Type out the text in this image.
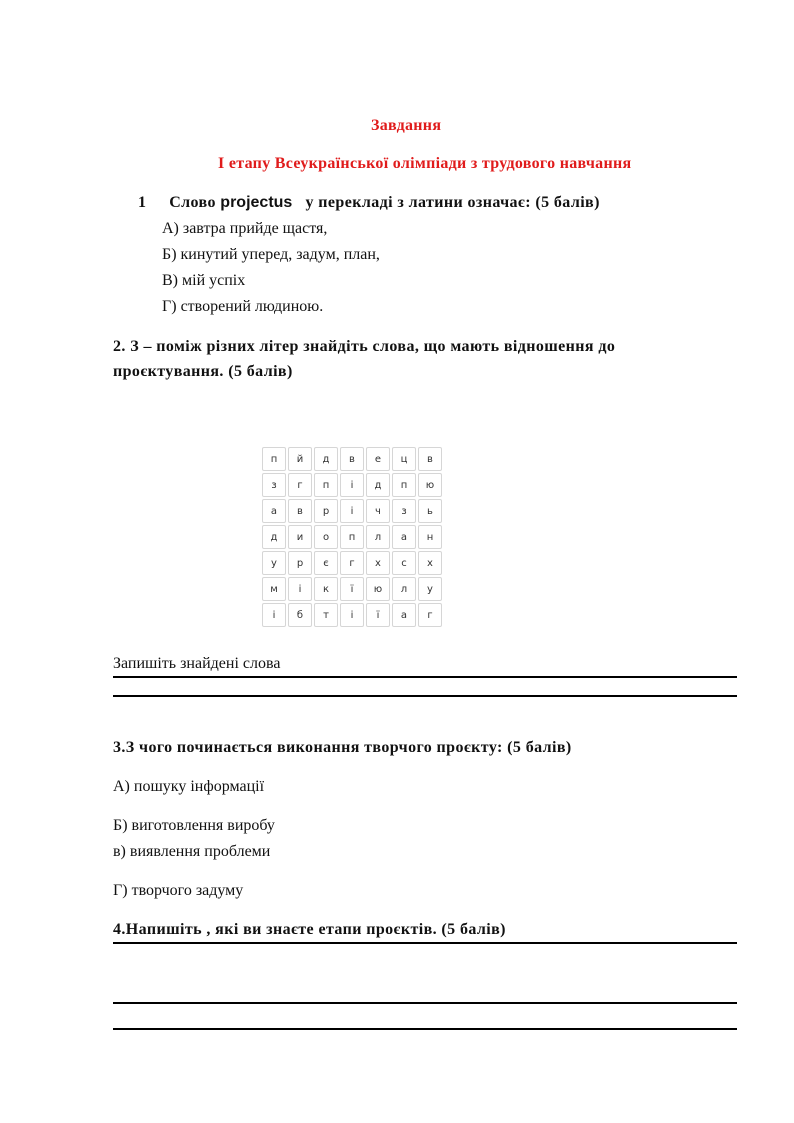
Завдання
I етапу Всеукраїнської олімпіади з трудового навчання
1 Слово projectus   у перекладі з латини означає: (5 балів)
А) завтра прийде щастя,
Б) кинутий уперед, задум, план,
В) мій успіх
Г) створений людиною.
2. З – поміж різних літер знайдіть слова, що мають відношення до
проєктування. (5 балів)
п	й	д	в	е	ц	в
з	г	п	і	д	п	ю
а	в	р	і	ч	з	ь
д	и	о	п	л	а	н
у	р	є	г	х	с	х
м	і	к	ї	ю	л	у
і	б	т	і	ї	а	г
Запишіть знайдені слова
3.З чого починається виконання творчого проєкту: (5 балів)
А) пошуку інформації
Б) виготовлення виробу
в) виявлення проблеми
Г) творчого задуму
4.Напишіть , які ви знаєте етапи проєктів. (5 балів)
